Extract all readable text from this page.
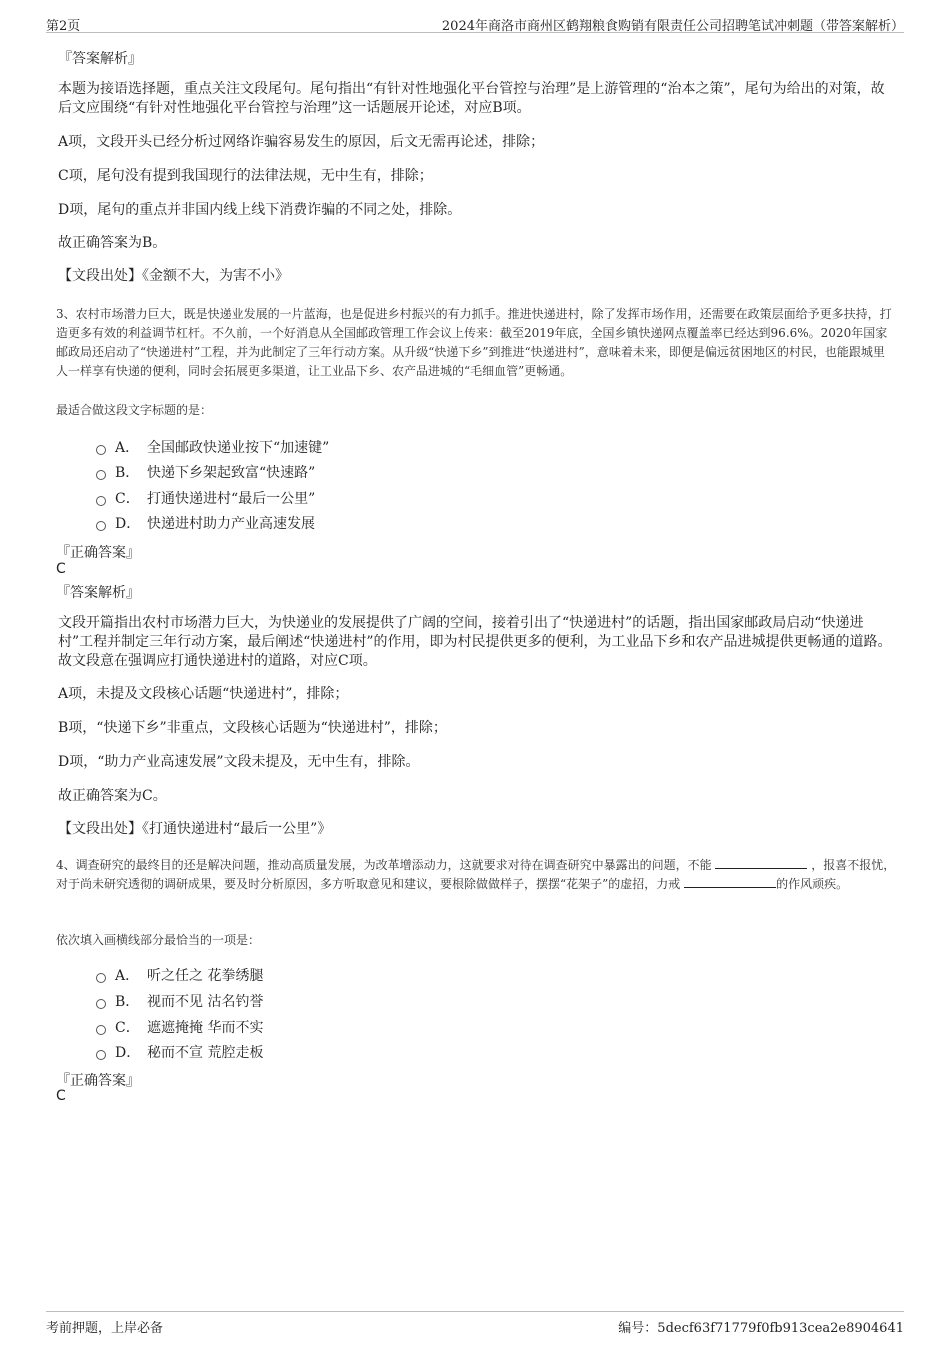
第2页	2024年商洛市商州区鹤翔粮食购销有限责任公司招聘笔试冲刺题（带答案解析）
『答案解析』
本题为接语选择题，重点关注文段尾句。尾句指出“有针对性地强化平台管控与治理”是上游管理的“治本之策”，尾句为给出的对策，故后文应围绕“有针对性地强化平台管控与治理”这一话题展开论述，对应B项。
A项，文段开头已经分析过网络诈骗容易发生的原因，后文无需再论述，排除；
C项，尾句没有提到我国现行的法律法规，无中生有，排除；
D项，尾句的重点并非国内线上线下消费诈骗的不同之处，排除。
故正确答案为B。
【文段出处】《金额不大，为害不小》
3、农村市场潜力巨大，既是快递业发展的一片蓝海，也是促进乡村振兴的有力抓手。推进快递进村，除了发挥市场作用，还需要在政策层面给予更多扶持，打造更多有效的利益调节杠杆。不久前，一个好消息从全国邮政管理工作会议上传来：截至2019年底，全国乡镇快递网点覆盖率已经达到96.6%。2020年国家邮政局还启动了“快递进村”工程，并为此制定了三年行动方案。从升级“快递下乡”到推进“快递进村”，意味着未来，即便是偏远贫困地区的村民，也能跟城里人一样享有快递的便利，同时会拓展更多渠道，让工业品下乡、农产品进城的“毛细血管”更畅通。
最适合做这段文字标题的是：
A． 全国邮政快递业按下“加速键”
B． 快递下乡架起致富“快速路”
C． 打通快递进村“最后一公里”
D． 快递进村助力产业高速发展
『正确答案』
C
『答案解析』
文段开篇指出农村市场潜力巨大，为快递业的发展提供了广阔的空间，接着引出了“快递进村”的话题，指出国家邮政局启动“快递进村”工程并制定三年行动方案，最后阐述“快递进村”的作用，即为村民提供更多的便利，为工业品下乡和农产品进城提供更畅通的道路。故文段意在强调应打通快递进村的道路，对应C项。
A项，未提及文段核心话题“快递进村”，排除；
B项，“快递下乡”非重点，文段核心话题为“快递进村”，排除；
D项，“助力产业高速发展”文段未提及，无中生有，排除。
故正确答案为C。
【文段出处】《打通快递进村“最后一公里”》
4、调查研究的最终目的还是解决问题，推动高质量发展，为改革增添动力，这就要求对待在调查研究中暴露出的问题，不能	，报喜不报忧，对于尚未研究透彻的调研成果，要及时分析原因，多方听取意见和建议，要根除做做样子，摆摆“花架子”的虚招，力戒	的作风顽疾。
依次填入画横线部分最恰当的一项是：
A． 听之任之 花拳绣腿
B． 视而不见 沽名钓誉
C． 遮遮掩掩 华而不实
D． 秘而不宣 荒腔走板
『正确答案』
C
考前押题，上岸必备	编号：5decf63f71779f0fb913cea2e8904641
